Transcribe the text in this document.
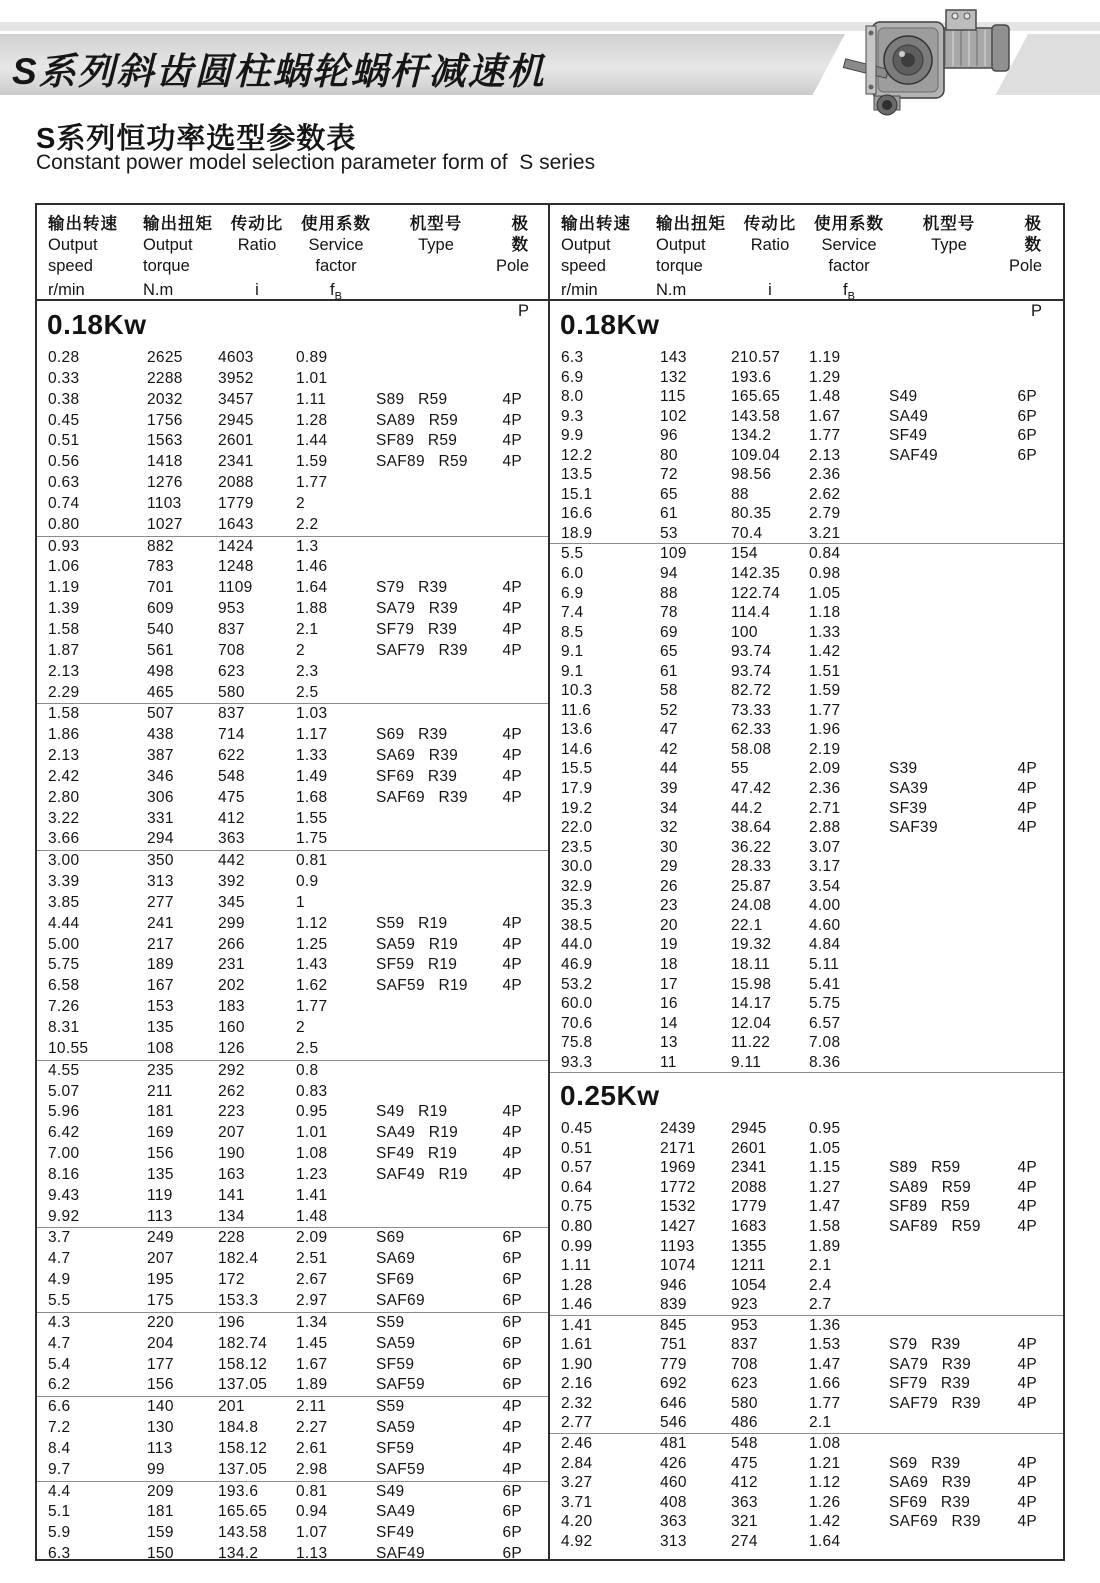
S系列斜齿圆柱蜗轮蜗杆减速机
S系列恒功率选型参数表
Constant power model selection parameter form of  S series
输出转速
Output
speed
r/min
输出扭矩
Output
torque
N.m
传动比
Ratio

i
使用系数
Service
factor
$f_B$
机型号
Type

极数
Pole

P
0.18Kw
0.28	2625	4603	0.89
0.33	2288	3952	1.01
0.38	2032	3457	1.11	S89 R59	4P
0.45	1756	2945	1.28	SA89 R59	4P
0.51	1563	2601	1.44	SF89 R59	4P
0.56	1418	2341	1.59	SAF89 R59	4P
0.63	1276	2088	1.77
0.74	1103	1779	2
0.80	1027	1643	2.2
0.93	882	1424	1.3
1.06	783	1248	1.46
1.19	701	1109	1.64	S79 R39	4P
1.39	609	953	1.88	SA79 R39	4P
1.58	540	837	2.1	SF79 R39	4P
1.87	561	708	2	SAF79 R39	4P
2.13	498	623	2.3
2.29	465	580	2.5
1.58	507	837	1.03
1.86	438	714	1.17	S69 R39	4P
2.13	387	622	1.33	SA69 R39	4P
2.42	346	548	1.49	SF69 R39	4P
2.80	306	475	1.68	SAF69 R39	4P
3.22	331	412	1.55
3.66	294	363	1.75
3.00	350	442	0.81
3.39	313	392	0.9
3.85	277	345	1
4.44	241	299	1.12	S59 R19	4P
5.00	217	266	1.25	SA59 R19	4P
5.75	189	231	1.43	SF59 R19	4P
6.58	167	202	1.62	SAF59 R19	4P
7.26	153	183	1.77
8.31	135	160	2
10.55	108	126	2.5
4.55	235	292	0.8
5.07	211	262	0.83
5.96	181	223	0.95	S49 R19	4P
6.42	169	207	1.01	SA49 R19	4P
7.00	156	190	1.08	SF49 R19	4P
8.16	135	163	1.23	SAF49 R19	4P
9.43	119	141	1.41
9.92	113	134	1.48
3.7	249	228	2.09	S69	6P
4.7	207	182.4	2.51	SA69	6P
4.9	195	172	2.67	SF69	6P
5.5	175	153.3	2.97	SAF69	6P
4.3	220	196	1.34	S59	6P
4.7	204	182.74	1.45	SA59	6P
5.4	177	158.12	1.67	SF59	6P
6.2	156	137.05	1.89	SAF59	6P
6.6	140	201	2.11	S59	4P
7.2	130	184.8	2.27	SA59	4P
8.4	113	158.12	2.61	SF59	4P
9.7	99	137.05	2.98	SAF59	4P
4.4	209	193.6	0.81	S49	6P
5.1	181	165.65	0.94	SA49	6P
5.9	159	143.58	1.07	SF49	6P
6.3	150	134.2	1.13	SAF49	6P
输出转速
Output
speed
r/min
输出扭矩
Output
torque
N.m
传动比
Ratio

i
使用系数
Service
factor
$f_B$
机型号
Type

极数
Pole

P
0.18Kw
6.3	143	210.57	1.19
6.9	132	193.6	1.29
8.0	115	165.65	1.48	S49	6P
9.3	102	143.58	1.67	SA49	6P
9.9	96	134.2	1.77	SF49	6P
12.2	80	109.04	2.13	SAF49	6P
13.5	72	98.56	2.36
15.1	65	88	2.62
16.6	61	80.35	2.79
18.9	53	70.4	3.21
5.5	109	154	0.84
6.0	94	142.35	0.98
6.9	88	122.74	1.05
7.4	78	114.4	1.18
8.5	69	100	1.33
9.1	65	93.74	1.42
9.1	61	93.74	1.51
10.3	58	82.72	1.59
11.6	52	73.33	1.77
13.6	47	62.33	1.96
14.6	42	58.08	2.19
15.5	44	55	2.09	S39	4P
17.9	39	47.42	2.36	SA39	4P
19.2	34	44.2	2.71	SF39	4P
22.0	32	38.64	2.88	SAF39	4P
23.5	30	36.22	3.07
30.0	29	28.33	3.17
32.9	26	25.87	3.54
35.3	23	24.08	4.00
38.5	20	22.1	4.60
44.0	19	19.32	4.84
46.9	18	18.11	5.11
53.2	17	15.98	5.41
60.0	16	14.17	5.75
70.6	14	12.04	6.57
75.8	13	11.22	7.08
93.3	11	9.11	8.36
0.25Kw
0.45	2439	2945	0.95
0.51	2171	2601	1.05
0.57	1969	2341	1.15	S89 R59	4P
0.64	1772	2088	1.27	SA89 R59	4P
0.75	1532	1779	1.47	SF89 R59	4P
0.80	1427	1683	1.58	SAF89 R59	4P
0.99	1193	1355	1.89
1.11	1074	1211	2.1
1.28	946	1054	2.4
1.46	839	923	2.7
1.41	845	953	1.36
1.61	751	837	1.53	S79 R39	4P
1.90	779	708	1.47	SA79 R39	4P
2.16	692	623	1.66	SF79 R39	4P
2.32	646	580	1.77	SAF79 R39	4P
2.77	546	486	2.1
2.46	481	548	1.08
2.84	426	475	1.21	S69 R39	4P
3.27	460	412	1.12	SA69 R39	4P
3.71	408	363	1.26	SF69 R39	4P
4.20	363	321	1.42	SAF69 R39	4P
4.92	313	274	1.64
